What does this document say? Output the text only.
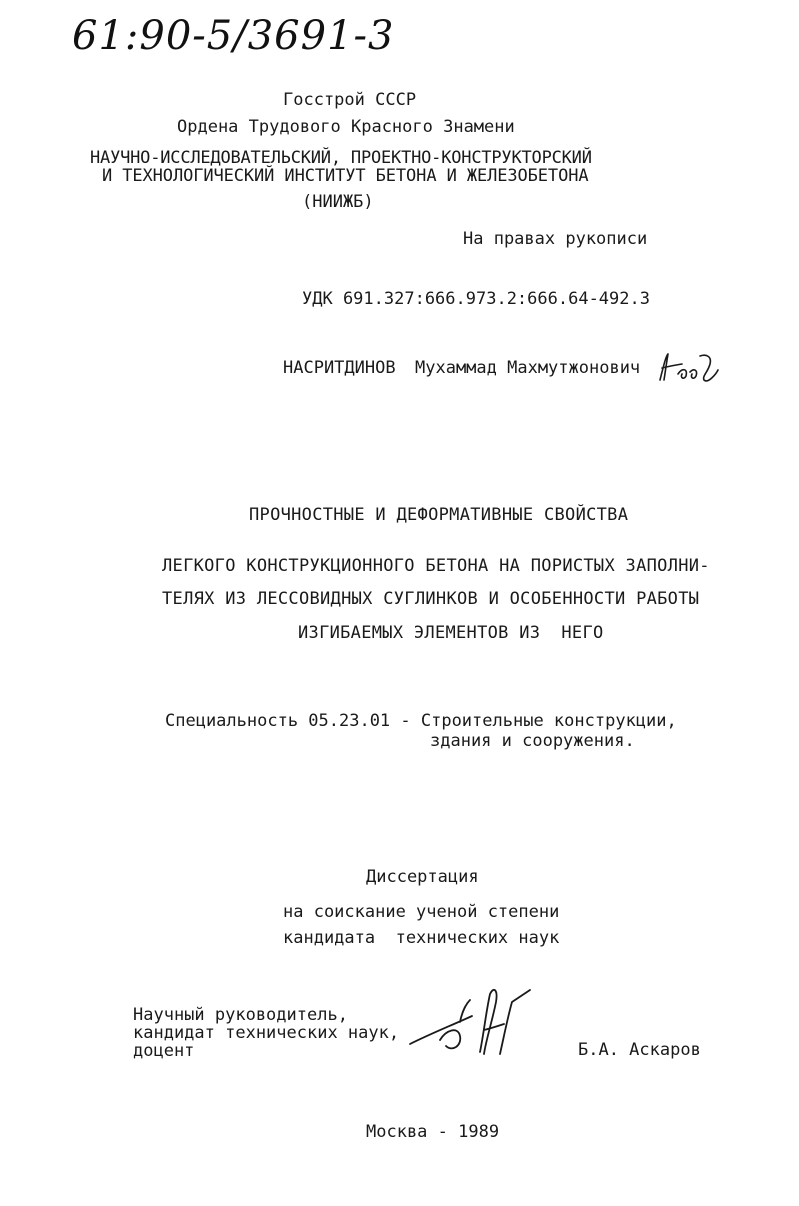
61:90-5/3691-3
Госстрой СССР
Ордена Трудового Красного Знамени
НАУЧНО-ИССЛЕДОВАТЕЛЬСКИЙ, ПРОЕКТНО-КОНСТРУКТОРСКИЙ
И ТЕХНОЛОГИЧЕСКИЙ ИНСТИТУТ БЕТОНА И ЖЕЛЕЗОБЕТОНА
(НИИЖБ)
На правах рукописи
УДК 691.327:666.973.2:666.64-492.3
НАСРИТДИНОВ Мухаммад Махмутжонович
ПРОЧНОСТНЫЕ И ДЕФОРМАТИВНЫЕ СВОЙСТВА
ЛЕГКОГО КОНСТРУКЦИОННОГО БЕТОНА НА ПОРИСТЫХ ЗАПОЛНИ-
ТЕЛЯХ ИЗ ЛЕССОВИДНЫХ СУГЛИНКОВ И ОСОБЕННОСТИ РАБОТЫ
ИЗГИБАЕМЫХ ЭЛЕМЕНТОВ ИЗ  НЕГО
Специальность 05.23.01 - Строительные конструкции,
здания и сооружения.
Диссертация
на соискание ученой степени
кандидата  технических наук
Научный руководитель,
кандидат технических наук,
доцент	Б.А. Аскаров
Москва - 1989
